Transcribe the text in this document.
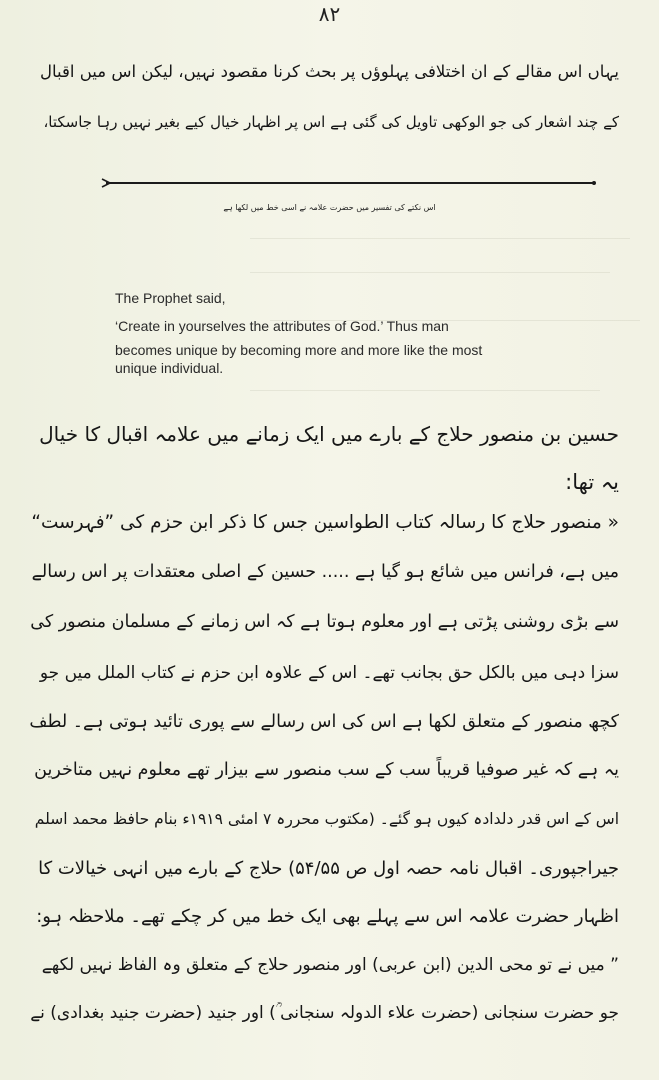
۸۲
یہاں اس مقالے کے ان اختلافی پہلوؤں پر بحث کرنا مقصود نہیں، لیکن اس میں اقبال
کے چند اشعار کی جو الوکھی تاویل کی گئی ہے اس پر اظہار خیال کیے بغیر نہیں رہا جاسکتا،
اس نکتے کی تفسیر میں حضرت علامہ نے اسی خط میں لکھا ہے
The Prophet said,
‘Create in yourselves the attributes of God.’ Thus man
becomes unique by becoming more and more like the most
unique individual.
حسین بن منصور حلاج کے بارے میں ایک زمانے میں علامہ اقبال کا خیال
یہ تھا:
« منصور حلاج کا رسالہ کتاب الطواسین جس کا ذکر ابن حزم کی ”فہرست“
میں ہے، فرانس میں شائع ہو گیا ہے ..... حسین کے اصلی معتقدات پر اس رسالے
سے بڑی روشنی پڑتی ہے اور معلوم ہوتا ہے کہ اس زمانے کے مسلمان منصور کی
سزا دہی میں بالکل حق بجانب تھے۔ اس کے علاوہ ابن حزم نے کتاب الملل میں جو
کچھ منصور کے متعلق لکھا ہے اس کی اس رسالے سے پوری تائید ہوتی ہے۔ لطف
یہ ہے کہ غیر صوفیا قریباً سب کے سب منصور سے بیزار تھے معلوم نہیں متاخرین
اس کے اس قدر دلدادہ کیوں ہو گئے۔ (مکتوب محررہ ۷ امئی ۱۹۱۹ء بنام حافظ محمد اسلم
جیراجپوری۔ اقبال نامہ حصہ اول ص ۵۴/۵۵) حلاج کے بارے میں انہی خیالات کا
اظہار حضرت علامہ اس سے پہلے بھی ایک خط میں کر چکے تھے۔ ملاحظہ ہو:
” میں نے تو محی الدین (ابن عربی) اور منصور حلاج کے متعلق وہ الفاظ نہیں لکھے
جو حضرت سنجانی (حضرت علاء الدولہ سنجانی ؒ) اور جنید (حضرت جنید بغدادی) نے
